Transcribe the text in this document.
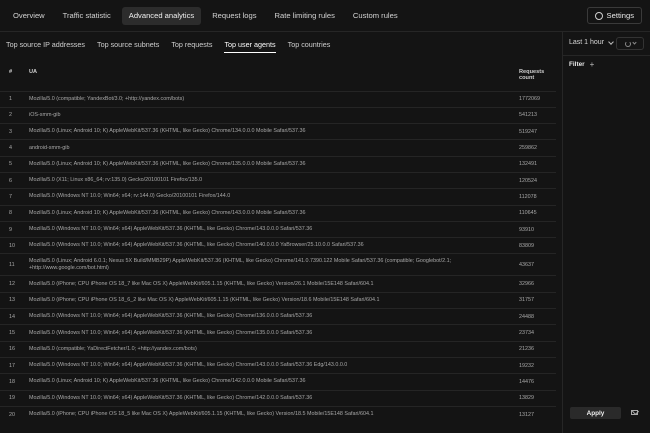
Overview	Traffic statistic	Advanced analytics	Request logs	Rate limiting rules	Custom rules	Settings
Top source IP addresses Top source subnets Top requests Top user agents Top countries
#	UA	Requests count
1	Mozilla/5.0 (compatible; YandexBot/3.0; +http://yandex.com/bots)	1772069
2	iOS-smm-gib	541213
3	Mozilla/5.0 (Linux; Android 10; K) AppleWebKit/537.36 (KHTML, like Gecko) Chrome/134.0.0.0 Mobile Safari/537.36	519247
4	android-smm-gib	259862
5	Mozilla/5.0 (Linux; Android 10; K) AppleWebKit/537.36 (KHTML, like Gecko) Chrome/135.0.0.0 Mobile Safari/537.36	132491
6	Mozilla/5.0 (X11; Linux x86_64; rv:135.0) Gecko/20100101 Firefox/135.0	120524
7	Mozilla/5.0 (Windows NT 10.0; Win64; x64; rv:144.0) Gecko/20100101 Firefox/144.0	112078
8	Mozilla/5.0 (Linux; Android 10; K) AppleWebKit/537.36 (KHTML, like Gecko) Chrome/143.0.0.0 Mobile Safari/537.36	110645
9	Mozilla/5.0 (Windows NT 10.0; Win64; x64) AppleWebKit/537.36 (KHTML, like Gecko) Chrome/143.0.0.0 Safari/537.36	93910
10	Mozilla/5.0 (Windows NT 10.0; Win64; x64) AppleWebKit/537.36 (KHTML, like Gecko) Chrome/140.0.0.0 YaBrowser/25.10.0.0 Safari/537.36	83809
11	Mozilla/5.0 (Linux; Android 6.0.1; Nexus 5X Build/MMB29P) AppleWebKit/537.36 (KHTML, like Gecko) Chrome/141.0.7390.122 Mobile Safari/537.36 (compatible; Googlebot/2.1; +http://www.google.com/bot.html)	43637
12	Mozilla/5.0 (iPhone; CPU iPhone OS 18_7 like Mac OS X) AppleWebKit/605.1.15 (KHTML, like Gecko) Version/26.1 Mobile/15E148 Safari/604.1	32966
13	Mozilla/5.0 (iPhone; CPU iPhone OS 18_6_2 like Mac OS X) AppleWebKit/605.1.15 (KHTML, like Gecko) Version/18.6 Mobile/15E148 Safari/604.1	31757
14	Mozilla/5.0 (Windows NT 10.0; Win64; x64) AppleWebKit/537.36 (KHTML, like Gecko) Chrome/136.0.0.0 Safari/537.36	24488
15	Mozilla/5.0 (Windows NT 10.0; Win64; x64) AppleWebKit/537.36 (KHTML, like Gecko) Chrome/135.0.0.0 Safari/537.36	23734
16	Mozilla/5.0 (compatible; YaDirectFetcher/1.0; +http://yandex.com/bots)	21236
17	Mozilla/5.0 (Windows NT 10.0; Win64; x64) AppleWebKit/537.36 (KHTML, like Gecko) Chrome/143.0.0.0 Safari/537.36 Edg/143.0.0.0	19232
18	Mozilla/5.0 (Linux; Android 10; K) AppleWebKit/537.36 (KHTML, like Gecko) Chrome/142.0.0.0 Mobile Safari/537.36	14476
19	Mozilla/5.0 (Windows NT 10.0; Win64; x64) AppleWebKit/537.36 (KHTML, like Gecko) Chrome/142.0.0.0 Safari/537.36	13829
20	Mozilla/5.0 (iPhone; CPU iPhone OS 18_5 like Mac OS X) AppleWebKit/605.1.15 (KHTML, like Gecko) Version/18.5 Mobile/15E148 Safari/604.1	13127
Last 1 hour
Filter +
Apply
